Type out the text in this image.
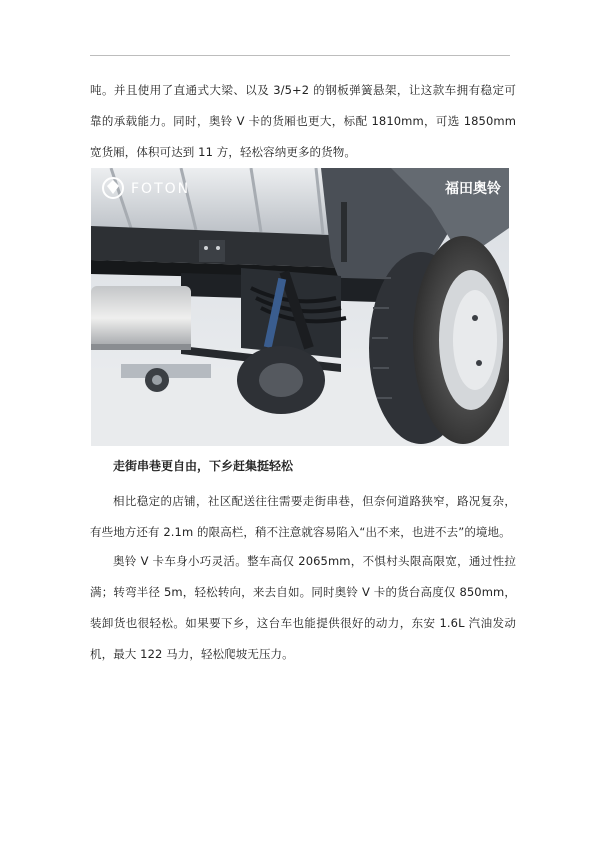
吨。并且使用了直通式大梁、以及 3/5+2 的钢板弹簧悬架，让这款车拥有稳定可靠的承载能力。同时，奥铃 V 卡的货厢也更大，标配 1810mm，可选 1850mm 宽货厢，体积可达到 11 方，轻松容纳更多的货物。

FOTON	福田奥铃

走街串巷更自由，下乡赶集挺轻松

相比稳定的店铺，社区配送往往需要走街串巷，但奈何道路狭窄，路况复杂，有些地方还有 2.1m 的限高栏，稍不注意就容易陷入“出不来，也进不去”的境地。

奥铃 V 卡车身小巧灵活。整车高仅 2065mm，不惧村头限高限宽，通过性拉满；转弯半径 5m，轻松转向，来去自如。同时奥铃 V 卡的货台高度仅 850mm，装卸货也很轻松。如果要下乡，这台车也能提供很好的动力，东安 1.6L 汽油发动机，最大 122 马力，轻松爬坡无压力。
